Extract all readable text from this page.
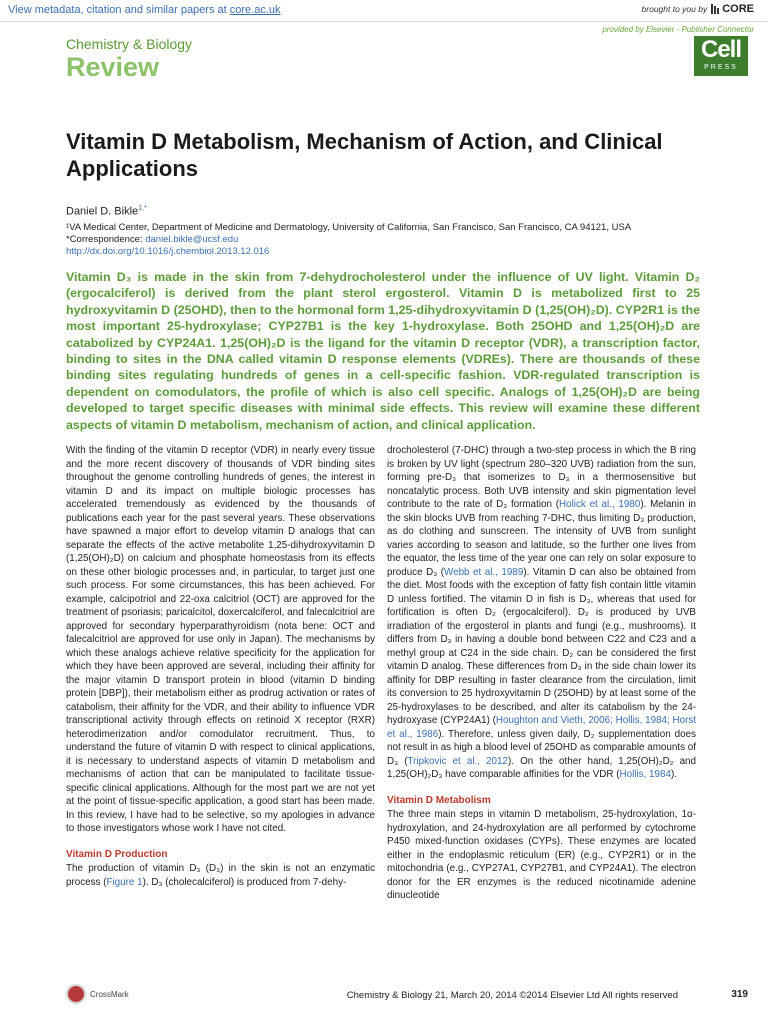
View metadata, citation and similar papers at core.ac.uk	brought to you by CORE
provided by Elsevier - Publisher Connector
Chemistry & Biology
Review
Cell
PRESS
Vitamin D Metabolism, Mechanism of Action, and Clinical Applications
Daniel D. Bikle$^{1,*}$
¹VA Medical Center, Department of Medicine and Dermatology, University of California, San Francisco, San Francisco, CA 94121, USA
*Correspondence: daniel.bikle@ucsf.edu
http://dx.doi.org/10.1016/j.chembiol.2013.12.016

Vitamin D₃ is made in the skin from 7-dehydrocholesterol under the influence of UV light. Vitamin D₂ (ergocalciferol) is derived from the plant sterol ergosterol. Vitamin D is metabolized first to 25 hydroxyvitamin D (25OHD), then to the hormonal form 1,25-dihydroxyvitamin D (1,25(OH)₂D). CYP2R1 is the most important 25-hydroxylase; CYP27B1 is the key 1-hydroxylase. Both 25OHD and 1,25(OH)₂D are catabolized by CYP24A1. 1,25(OH)₂D is the ligand for the vitamin D receptor (VDR), a transcription factor, binding to sites in the DNA called vitamin D response elements (VDREs). There are thousands of these binding sites regulating hundreds of genes in a cell-specific fashion. VDR-regulated transcription is dependent on comodulators, the profile of which is also cell specific. Analogs of 1,25(OH)₂D are being developed to target specific diseases with minimal side effects. This review will examine these different aspects of vitamin D metabolism, mechanism of action, and clinical application.

With the finding of the vitamin D receptor (VDR) in nearly every tissue and the more recent discovery of thousands of VDR binding sites throughout the genome controlling hundreds of genes, the interest in vitamin D and its impact on multiple biologic processes has accelerated tremendously as evidenced by the thousands of publications each year for the past several years. These observations have spawned a major effort to develop vitamin D analogs that can separate the effects of the active metabolite 1,25-dihydroxyvitamin D (1,25(OH)₂D) on calcium and phosphate homeostasis from its effects on these other biologic processes and, in particular, to target just one such process. For some circumstances, this has been achieved. For example, calcipotriol and 22-oxa calcitriol (OCT) are approved for the treatment of psoriasis; paricalcitol, doxercalciferol, and falecalcitriol are approved for secondary hyperparathyroidism (nota bene: OCT and falecalcitriol are approved for use only in Japan). The mechanisms by which these analogs achieve relative specificity for the application for which they have been approved are several, including their affinity for the major vitamin D transport protein in blood (vitamin D binding protein [DBP]), their metabolism either as prodrug activation or rates of catabolism, their affinity for the VDR, and their ability to influence VDR transcriptional activity through effects on retinoid X receptor (RXR) heterodimerization and/or comodulator recruitment. Thus, to understand the future of vitamin D with respect to clinical applications, it is necessary to understand aspects of vitamin D metabolism and mechanisms of action that can be manipulated to facilitate tissue-specific clinical applications. Although for the most part we are not yet at the point of tissue-specific application, a good start has been made. In this review, I have had to be selective, so my apologies in advance to those investigators whose work I have not cited.

Vitamin D Production

The production of vitamin D₃ (D₃) in the skin is not an enzymatic process (Figure 1). D₃ (cholecalciferol) is produced from 7-dehy-

drocholesterol (7-DHC) through a two-step process in which the B ring is broken by UV light (spectrum 280–320 UVB) radiation from the sun, forming pre-D₃ that isomerizes to D₃ in a thermosensitive but noncatalytic process. Both UVB intensity and skin pigmentation level contribute to the rate of D₃ formation (Holick et al., 1980). Melanin in the skin blocks UVB from reaching 7-DHC, thus limiting D₃ production, as do clothing and sunscreen. The intensity of UVB from sunlight varies according to season and latitude, so the further one lives from the equator, the less time of the year one can rely on solar exposure to produce D₃ (Webb et al., 1989). Vitamin D can also be obtained from the diet. Most foods with the exception of fatty fish contain little vitamin D unless fortified. The vitamin D in fish is D₃, whereas that used for fortification is often D₂ (ergocalciferol). D₂ is produced by UVB irradiation of the ergosterol in plants and fungi (e.g., mushrooms). It differs from D₃ in having a double bond between C22 and C23 and a methyl group at C24 in the side chain. D₂ can be considered the first vitamin D analog. These differences from D₃ in the side chain lower its affinity for DBP resulting in faster clearance from the circulation, limit its conversion to 25 hydroxyvitamin D (25OHD) by at least some of the 25-hydroxylases to be described, and alter its catabolism by the 24-hydroxyase (CYP24A1) (Houghton and Vieth, 2006; Hollis, 1984; Horst et al., 1986). Therefore, unless given daily, D₂ supplementation does not result in as high a blood level of 25OHD as comparable amounts of D₃ (Tripkovic et al., 2012). On the other hand, 1,25(OH)₂D₂ and 1,25(OH)₂D₃ have comparable affinities for the VDR (Hollis, 1984).

Vitamin D Metabolism

The three main steps in vitamin D metabolism, 25-hydroxylation, 1α-hydroxylation, and 24-hydroxylation are all performed by cytochrome P450 mixed-function oxidases (CYPs). These enzymes are located either in the endoplasmic reticulum (ER) (e.g., CYP2R1) or in the mitochondria (e.g., CYP27A1, CYP27B1, and CYP24A1). The electron donor for the ER enzymes is the reduced nicotinamide adenine dinucleotide

CrossMark	Chemistry & Biology 21, March 20, 2014 ©2014 Elsevier Ltd All rights reserved	319
